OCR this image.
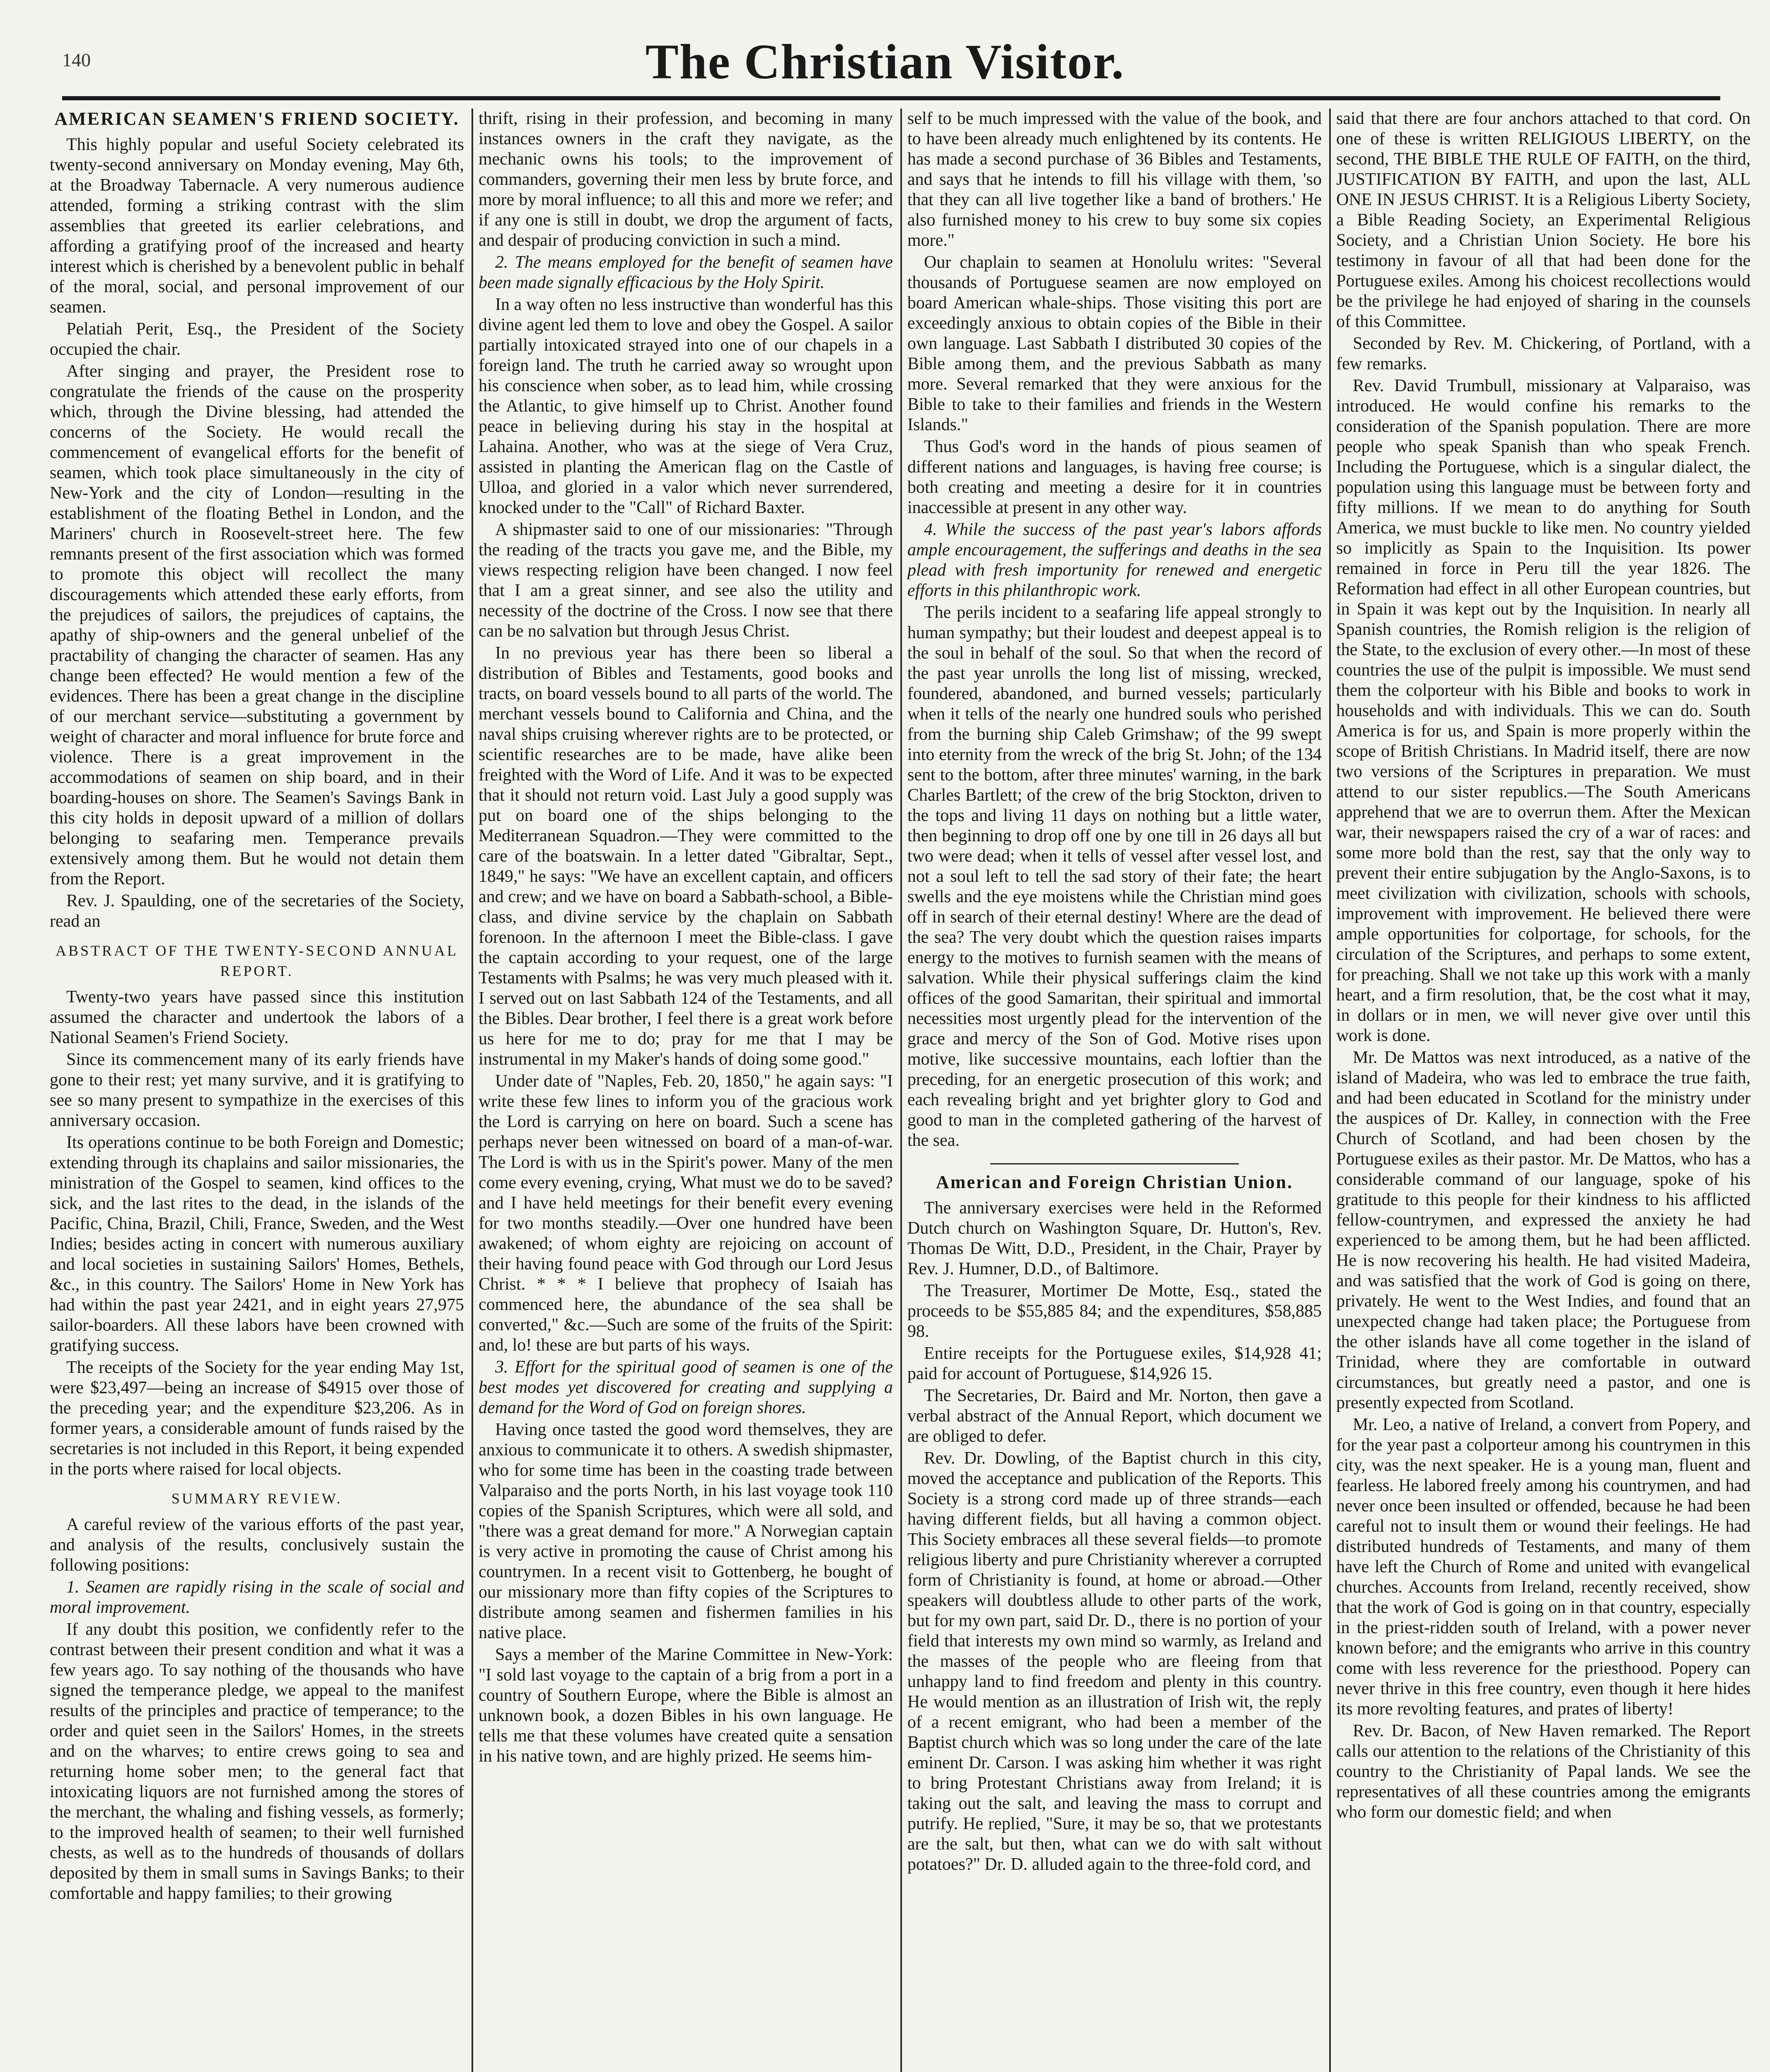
140	The Christian Visitor.
AMERICAN SEAMEN'S FRIEND SOCIETY.

This highly popular and useful Society celebrated its twenty-second anniversary on Monday evening, May 6th, at the Broadway Tabernacle. A very numerous audience attended, forming a striking contrast with the slim assemblies that greeted its earlier celebrations, and affording a gratifying proof of the increased and hearty interest which is cherished by a benevolent public in behalf of the moral, social, and personal improvement of our seamen.

Pelatiah Perit, Esq., the President of the Society occupied the chair.

After singing and prayer, the President rose to congratulate the friends of the cause on the prosperity which, through the Divine blessing, had attended the concerns of the Society. He would recall the commencement of evangelical efforts for the benefit of seamen, which took place simultaneously in the city of New-York and the city of London—resulting in the establishment of the floating Bethel in London, and the Mariners' church in Roosevelt-street here. The few remnants present of the first association which was formed to promote this object will recollect the many discouragements which attended these early efforts, from the prejudices of sailors, the prejudices of captains, the apathy of ship-owners and the general unbelief of the practability of changing the character of seamen. Has any change been effected? He would mention a few of the evidences. There has been a great change in the discipline of our merchant service—substituting a government by weight of character and moral influence for brute force and violence. There is a great improvement in the accommodations of seamen on ship board, and in their boarding-houses on shore. The Seamen's Savings Bank in this city holds in deposit upward of a million of dollars belonging to seafaring men. Temperance prevails extensively among them. But he would not detain them from the Report.

Rev. J. Spaulding, one of the secretaries of the Society, read an

ABSTRACT OF THE TWENTY-SECOND ANNUAL
REPORT.

Twenty-two years have passed since this institution assumed the character and undertook the labors of a National Seamen's Friend Society.

Since its commencement many of its early friends have gone to their rest; yet many survive, and it is gratifying to see so many present to sympathize in the exercises of this anniversary occasion.

Its operations continue to be both Foreign and Domestic; extending through its chaplains and sailor missionaries, the ministration of the Gospel to seamen, kind offices to the sick, and the last rites to the dead, in the islands of the Pacific, China, Brazil, Chili, France, Sweden, and the West Indies; besides acting in concert with numerous auxiliary and local societies in sustaining Sailors' Homes, Bethels, &c., in this country. The Sailors' Home in New York has had within the past year 2421, and in eight years 27,975 sailor-boarders. All these labors have been crowned with gratifying success.

The receipts of the Society for the year ending May 1st, were $23,497—being an increase of $4915 over those of the preceding year; and the expenditure $23,206. As in former years, a considerable amount of funds raised by the secretaries is not included in this Report, it being expended in the ports where raised for local objects.

SUMMARY REVIEW.

A careful review of the various efforts of the past year, and analysis of the results, conclusively sustain the following positions:

1. Seamen are rapidly rising in the scale of social and moral improvement.

If any doubt this position, we confidently refer to the contrast between their present condition and what it was a few years ago. To say nothing of the thousands who have signed the temperance pledge, we appeal to the manifest results of the principles and practice of temperance; to the order and quiet seen in the Sailors' Homes, in the streets and on the wharves; to entire crews going to sea and returning home sober men; to the general fact that intoxicating liquors are not furnished among the stores of the merchant, the whaling and fishing vessels, as formerly; to the improved health of seamen; to their well furnished chests, as well as to the hundreds of thousands of dollars deposited by them in small sums in Savings Banks; to their comfortable and happy families; to their growing

thrift, rising in their profession, and becoming in many instances owners in the craft they navigate, as the mechanic owns his tools; to the improvement of commanders, governing their men less by brute force, and more by moral influence; to all this and more we refer; and if any one is still in doubt, we drop the argument of facts, and despair of producing conviction in such a mind.

2. The means employed for the benefit of seamen have been made signally efficacious by the Holy Spirit.

In a way often no less instructive than wonderful has this divine agent led them to love and obey the Gospel. A sailor partially intoxicated strayed into one of our chapels in a foreign land. The truth he carried away so wrought upon his conscience when sober, as to lead him, while crossing the Atlantic, to give himself up to Christ. Another found peace in believing during his stay in the hospital at Lahaina. Another, who was at the siege of Vera Cruz, assisted in planting the American flag on the Castle of Ulloa, and gloried in a valor which never surrendered, knocked under to the "Call" of Richard Baxter.

A shipmaster said to one of our missionaries: "Through the reading of the tracts you gave me, and the Bible, my views respecting religion have been changed. I now feel that I am a great sinner, and see also the utility and necessity of the doctrine of the Cross. I now see that there can be no salvation but through Jesus Christ.

In no previous year has there been so liberal a distribution of Bibles and Testaments, good books and tracts, on board vessels bound to all parts of the world. The merchant vessels bound to California and China, and the naval ships cruising wherever rights are to be protected, or scientific researches are to be made, have alike been freighted with the Word of Life. And it was to be expected that it should not return void. Last July a good supply was put on board one of the ships belonging to the Mediterranean Squadron.—They were committed to the care of the boatswain. In a letter dated "Gibraltar, Sept., 1849," he says: "We have an excellent captain, and officers and crew; and we have on board a Sabbath-school, a Bible-class, and divine service by the chaplain on Sabbath forenoon. In the afternoon I meet the Bible-class. I gave the captain according to your request, one of the large Testaments with Psalms; he was very much pleased with it. I served out on last Sabbath 124 of the Testaments, and all the Bibles. Dear brother, I feel there is a great work before us here for me to do; pray for me that I may be instrumental in my Maker's hands of doing some good."

Under date of "Naples, Feb. 20, 1850," he again says: "I write these few lines to inform you of the gracious work the Lord is carrying on here on board. Such a scene has perhaps never been witnessed on board of a man-of-war. The Lord is with us in the Spirit's power. Many of the men come every evening, crying, What must we do to be saved? and I have held meetings for their benefit every evening for two months steadily.—Over one hundred have been awakened; of whom eighty are rejoicing on account of their having found peace with God through our Lord Jesus Christ. * * * I believe that prophecy of Isaiah has commenced here, the abundance of the sea shall be converted," &c.—Such are some of the fruits of the Spirit: and, lo! these are but parts of his ways.

3. Effort for the spiritual good of seamen is one of the best modes yet discovered for creating and supplying a demand for the Word of God on foreign shores.

Having once tasted the good word themselves, they are anxious to communicate it to others. A swedish shipmaster, who for some time has been in the coasting trade between Valparaiso and the ports North, in his last voyage took 110 copies of the Spanish Scriptures, which were all sold, and "there was a great demand for more." A Norwegian captain is very active in promoting the cause of Christ among his countrymen. In a recent visit to Gottenberg, he bought of our missionary more than fifty copies of the Scriptures to distribute among seamen and fishermen families in his native place.

Says a member of the Marine Committee in New-York: "I sold last voyage to the captain of a brig from a port in a country of Southern Europe, where the Bible is almost an unknown book, a dozen Bibles in his own language. He tells me that these volumes have created quite a sensation in his native town, and are highly prized. He seems him-

self to be much impressed with the value of the book, and to have been already much enlightened by its contents. He has made a second purchase of 36 Bibles and Testaments, and says that he intends to fill his village with them, 'so that they can all live together like a band of brothers.' He also furnished money to his crew to buy some six copies more."

Our chaplain to seamen at Honolulu writes: "Several thousands of Portuguese seamen are now employed on board American whale-ships. Those visiting this port are exceedingly anxious to obtain copies of the Bible in their own language. Last Sabbath I distributed 30 copies of the Bible among them, and the previous Sabbath as many more. Several remarked that they were anxious for the Bible to take to their families and friends in the Western Islands."

Thus God's word in the hands of pious seamen of different nations and languages, is having free course; is both creating and meeting a desire for it in countries inaccessible at present in any other way.

4. While the success of the past year's labors affords ample encouragement, the sufferings and deaths in the sea plead with fresh importunity for renewed and energetic efforts in this philanthropic work.

The perils incident to a seafaring life appeal strongly to human sympathy; but their loudest and deepest appeal is to the soul in behalf of the soul. So that when the record of the past year unrolls the long list of missing, wrecked, foundered, abandoned, and burned vessels; particularly when it tells of the nearly one hundred souls who perished from the burning ship Caleb Grimshaw; of the 99 swept into eternity from the wreck of the brig St. John; of the 134 sent to the bottom, after three minutes' warning, in the bark Charles Bartlett; of the crew of the brig Stockton, driven to the tops and living 11 days on nothing but a little water, then beginning to drop off one by one till in 26 days all but two were dead; when it tells of vessel after vessel lost, and not a soul left to tell the sad story of their fate; the heart swells and the eye moistens while the Christian mind goes off in search of their eternal destiny! Where are the dead of the sea? The very doubt which the question raises imparts energy to the motives to furnish seamen with the means of salvation. While their physical sufferings claim the kind offices of the good Samaritan, their spiritual and immortal necessities most urgently plead for the intervention of the grace and mercy of the Son of God. Motive rises upon motive, like successive mountains, each loftier than the preceding, for an energetic prosecution of this work; and each revealing bright and yet brighter glory to God and good to man in the completed gathering of the harvest of the sea.

American and Foreign Christian Union.

The anniversary exercises were held in the Reformed Dutch church on Washington Square, Dr. Hutton's, Rev. Thomas De Witt, D.D., President, in the Chair, Prayer by Rev. J. Humner, D.D., of Baltimore.

The Treasurer, Mortimer De Motte, Esq., stated the proceeds to be $55,885 84; and the expenditures, $58,885 98.

Entire receipts for the Portuguese exiles, $14,928 41; paid for account of Portuguese, $14,926 15.

The Secretaries, Dr. Baird and Mr. Norton, then gave a verbal abstract of the Annual Report, which document we are obliged to defer.

Rev. Dr. Dowling, of the Baptist church in this city, moved the acceptance and publication of the Reports. This Society is a strong cord made up of three strands—each having different fields, but all having a common object. This Society embraces all these several fields—to promote religious liberty and pure Christianity wherever a corrupted form of Christianity is found, at home or abroad.—Other speakers will doubtless allude to other parts of the work, but for my own part, said Dr. D., there is no portion of your field that interests my own mind so warmly, as Ireland and the masses of the people who are fleeing from that unhappy land to find freedom and plenty in this country. He would mention as an illustration of Irish wit, the reply of a recent emigrant, who had been a member of the Baptist church which was so long under the care of the late eminent Dr. Carson. I was asking him whether it was right to bring Protestant Christians away from Ireland; it is taking out the salt, and leaving the mass to corrupt and putrify. He replied, "Sure, it may be so, that we protestants are the salt, but then, what can we do with salt without potatoes?" Dr. D. alluded again to the three-fold cord, and

said that there are four anchors attached to that cord. On one of these is written RELIGIOUS LIBERTY, on the second, THE BIBLE THE RULE OF FAITH, on the third, JUSTIFICATION BY FAITH, and upon the last, ALL ONE IN JESUS CHRIST. It is a Religious Liberty Society, a Bible Reading Society, an Experimental Religious Society, and a Christian Union Society. He bore his testimony in favour of all that had been done for the Portuguese exiles. Among his choicest recollections would be the privilege he had enjoyed of sharing in the counsels of this Committee.

Seconded by Rev. M. Chickering, of Portland, with a few remarks.

Rev. David Trumbull, missionary at Valparaiso, was introduced. He would confine his remarks to the consideration of the Spanish population. There are more people who speak Spanish than who speak French. Including the Portuguese, which is a singular dialect, the population using this language must be between forty and fifty millions. If we mean to do anything for South America, we must buckle to like men. No country yielded so implicitly as Spain to the Inquisition. Its power remained in force in Peru till the year 1826. The Reformation had effect in all other European countries, but in Spain it was kept out by the Inquisition. In nearly all Spanish countries, the Romish religion is the religion of the State, to the exclusion of every other.—In most of these countries the use of the pulpit is impossible. We must send them the colporteur with his Bible and books to work in households and with individuals. This we can do. South America is for us, and Spain is more properly within the scope of British Christians. In Madrid itself, there are now two versions of the Scriptures in preparation. We must attend to our sister republics.—The South Americans apprehend that we are to overrun them. After the Mexican war, their newspapers raised the cry of a war of races: and some more bold than the rest, say that the only way to prevent their entire subjugation by the Anglo-Saxons, is to meet civilization with civilization, schools with schools, improvement with improvement. He believed there were ample opportunities for colportage, for schools, for the circulation of the Scriptures, and perhaps to some extent, for preaching. Shall we not take up this work with a manly heart, and a firm resolution, that, be the cost what it may, in dollars or in men, we will never give over until this work is done.

Mr. De Mattos was next introduced, as a native of the island of Madeira, who was led to embrace the true faith, and had been educated in Scotland for the ministry under the auspices of Dr. Kalley, in connection with the Free Church of Scotland, and had been chosen by the Portuguese exiles as their pastor. Mr. De Mattos, who has a considerable command of our language, spoke of his gratitude to this people for their kindness to his afflicted fellow-countrymen, and expressed the anxiety he had experienced to be among them, but he had been afflicted. He is now recovering his health. He had visited Madeira, and was satisfied that the work of God is going on there, privately. He went to the West Indies, and found that an unexpected change had taken place; the Portuguese from the other islands have all come together in the island of Trinidad, where they are comfortable in outward circumstances, but greatly need a pastor, and one is presently expected from Scotland.

Mr. Leo, a native of Ireland, a convert from Popery, and for the year past a colporteur among his countrymen in this city, was the next speaker. He is a young man, fluent and fearless. He labored freely among his countrymen, and had never once been insulted or offended, because he had been careful not to insult them or wound their feelings. He had distributed hundreds of Testaments, and many of them have left the Church of Rome and united with evangelical churches. Accounts from Ireland, recently received, show that the work of God is going on in that country, especially in the priest-ridden south of Ireland, with a power never known before; and the emigrants who arrive in this country come with less reverence for the priesthood. Popery can never thrive in this free country, even though it here hides its more revolting features, and prates of liberty!

Rev. Dr. Bacon, of New Haven remarked. The Report calls our attention to the relations of the Christianity of this country to the Christianity of Papal lands. We see the representatives of all these countries among the emigrants who form our domestic field; and when
